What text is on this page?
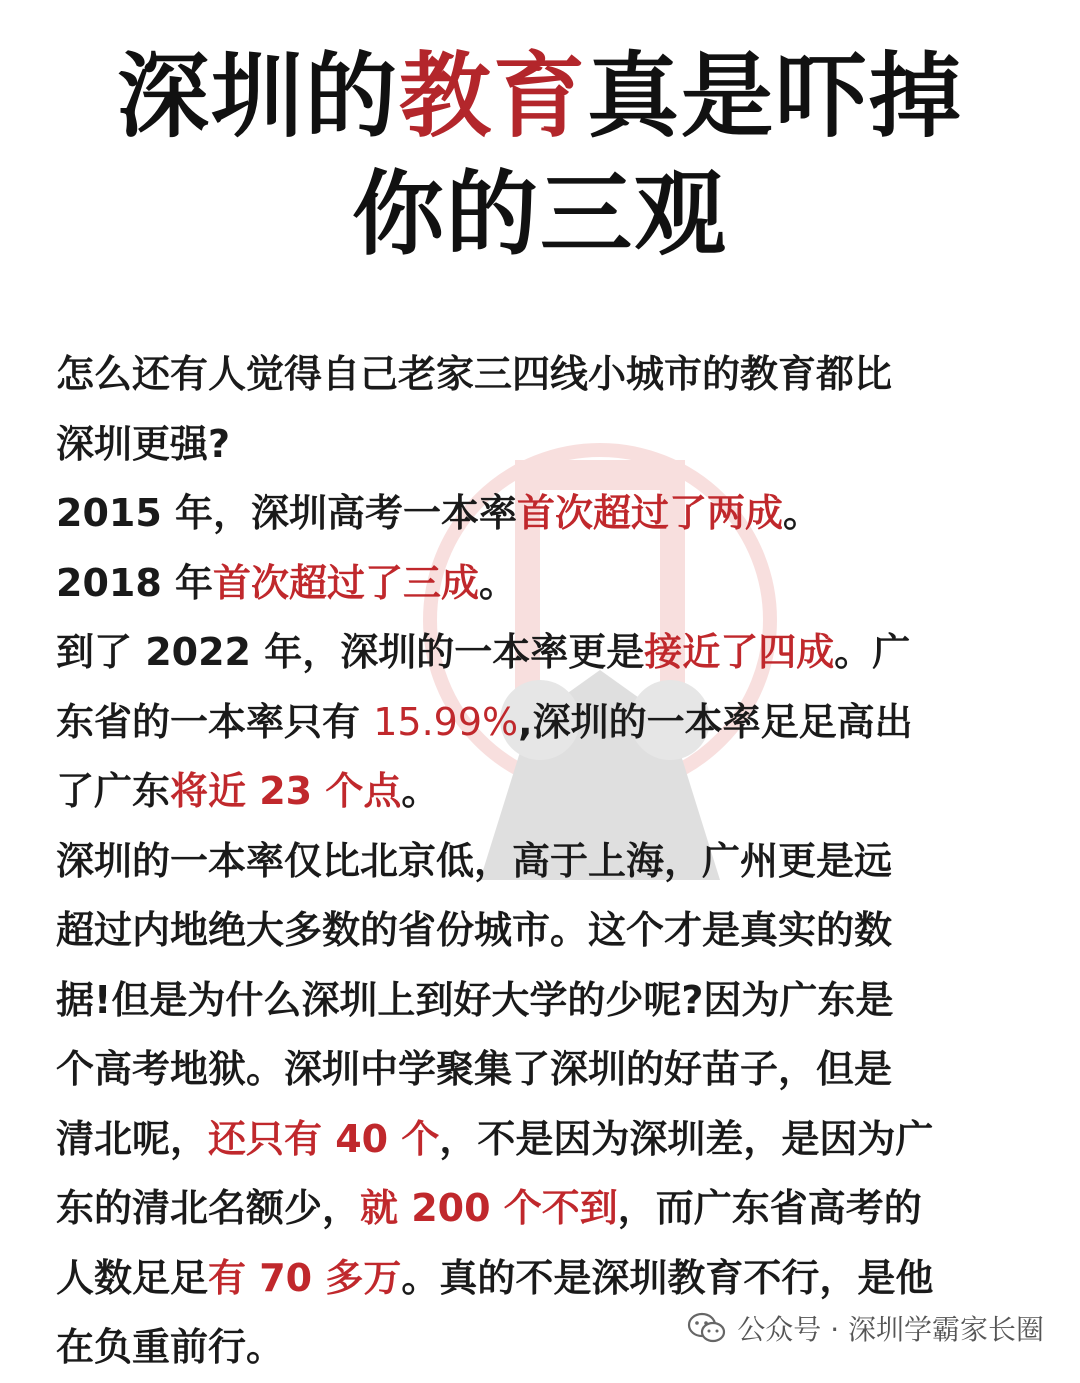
深圳的教育真是吓掉
你的三观

怎么还有人觉得自己老家三四线小城市的教育都比

深圳更强?

2015 年，深圳高考一本率首次超过了两成。

2018 年首次超过了三成。

到了 2022 年，深圳的一本率更是接近了四成。广

东省的一本率只有 15.99%,深圳的一本率足足高出

了广东将近 23 个点。

深圳的一本率仅比北京低，高于上海，广州更是远

超过内地绝大多数的省份城市。这个才是真实的数

据!但是为什么深圳上到好大学的少呢?因为广东是

个高考地狱。深圳中学聚集了深圳的好苗子，但是

清北呢，还只有 40 个，不是因为深圳差，是因为广

东的清北名额少，就 200 个不到，而广东省高考的

人数足足有 70 多万。真的不是深圳教育不行，是他

在负重前行。	公众号 · 深圳学霸家长圈
